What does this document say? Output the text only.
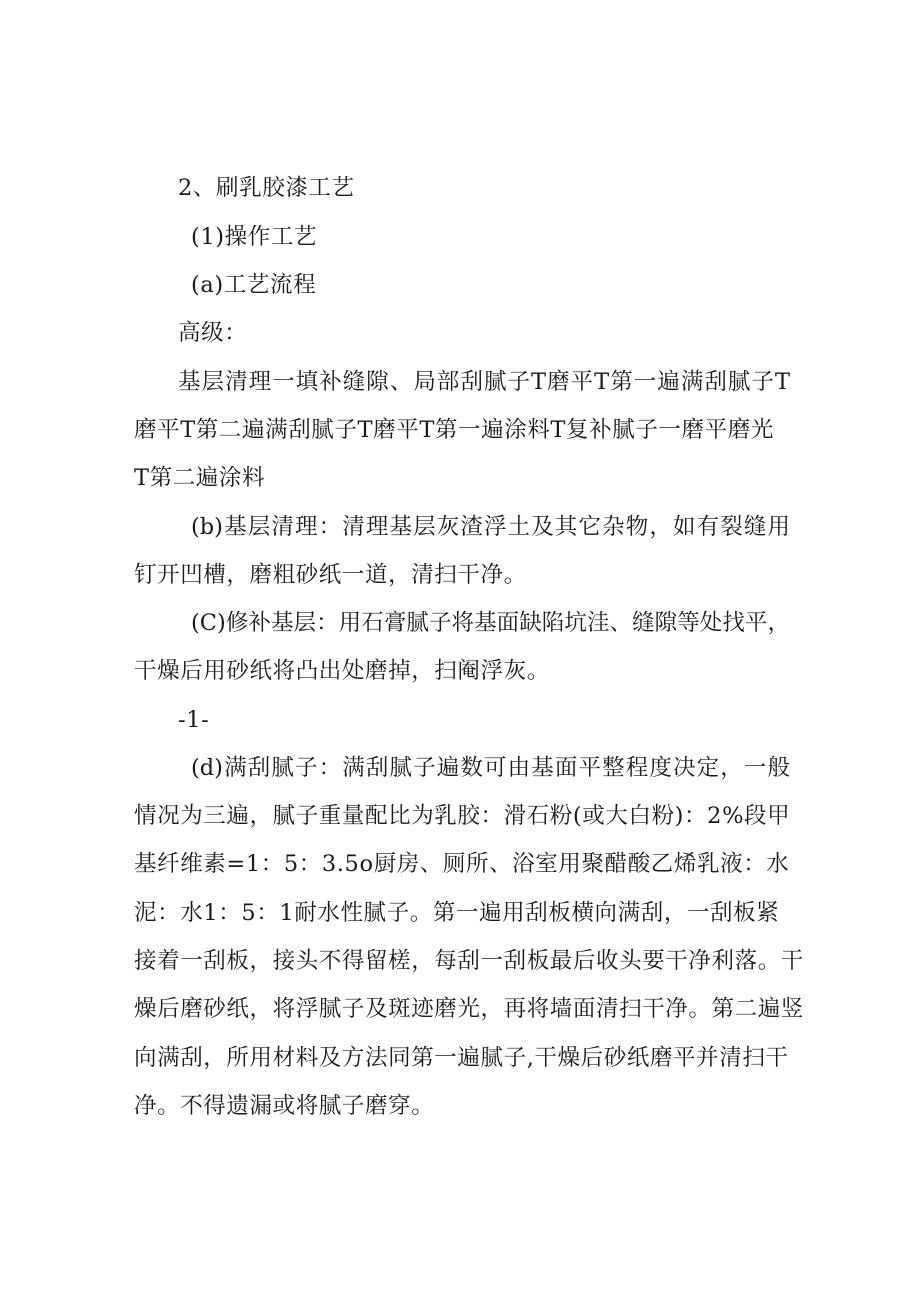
2、刷乳胶漆工艺
(1)操作工艺
(a)工艺流程
高级：
基层清理一填补缝隙、局部刮腻子T磨平T第一遍满刮腻子T
磨平T第二遍满刮腻子T磨平T第一遍涂料T复补腻子一磨平磨光
T第二遍涂料
(b)基层清理：清理基层灰渣浮土及其它杂物，如有裂缝用
钉开凹槽，磨粗砂纸一道，清扫干净。
(C)修补基层：用石膏腻子将基面缺陷坑洼、缝隙等处找平，
干燥后用砂纸将凸出处磨掉，扫阉浮灰。
-1-
(d)满刮腻子：满刮腻子遍数可由基面平整程度决定，一般
情况为三遍，腻子重量配比为乳胶：滑石粉(或大白粉)：2%段甲
基纤维素=1：5：3.5o厨房、厕所、浴室用聚醋酸乙烯乳液：水
泥：水1：5：1耐水性腻子。第一遍用刮板横向满刮，一刮板紧
接着一刮板，接头不得留槎，每刮一刮板最后收头要干净利落。干
燥后磨砂纸，将浮腻子及斑迹磨光，再将墙面清扫干净。第二遍竖
向满刮，所用材料及方法同第一遍腻子,干燥后砂纸磨平并清扫干
净。不得遗漏或将腻子磨穿。
